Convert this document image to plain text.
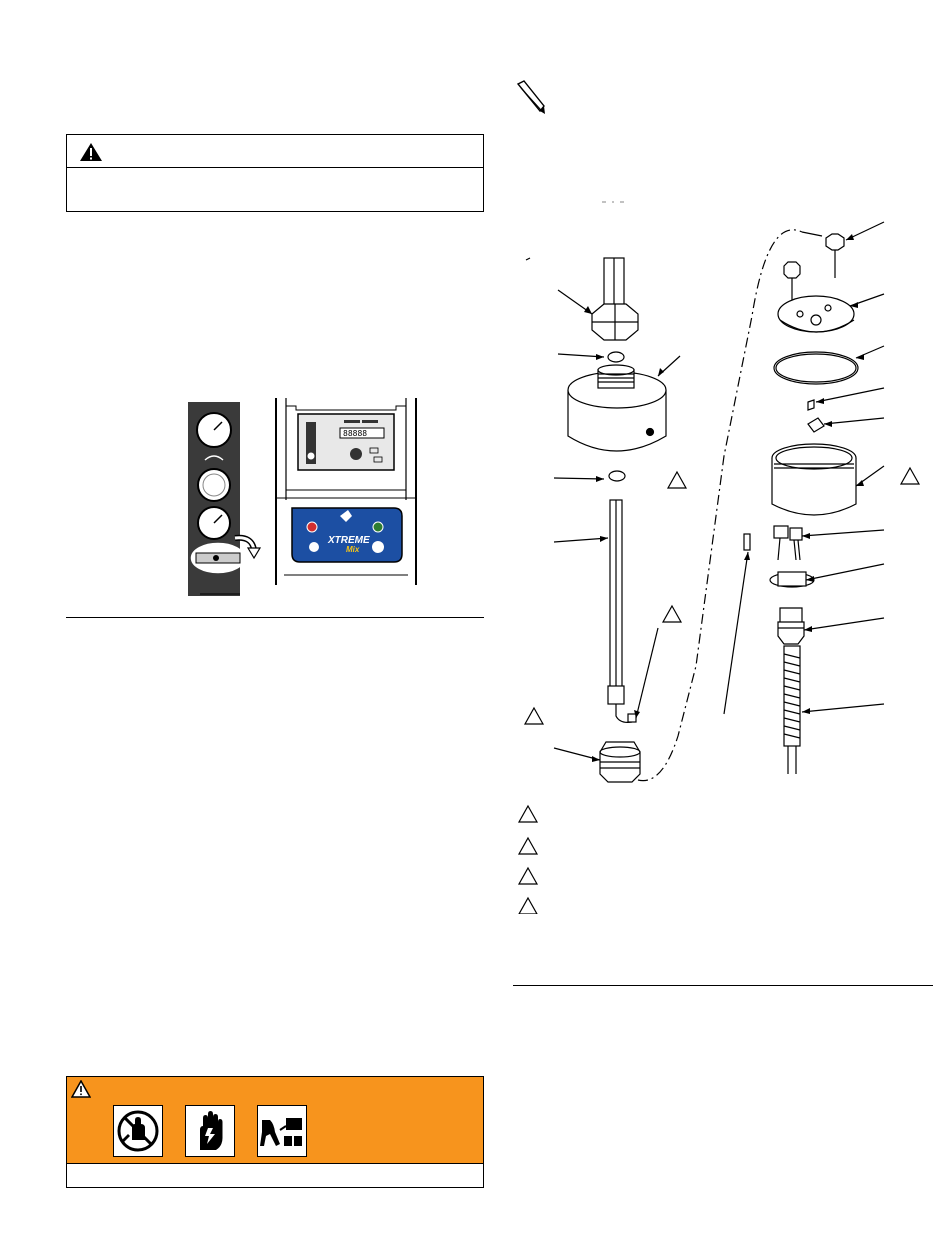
88888
XTREME
Mix
